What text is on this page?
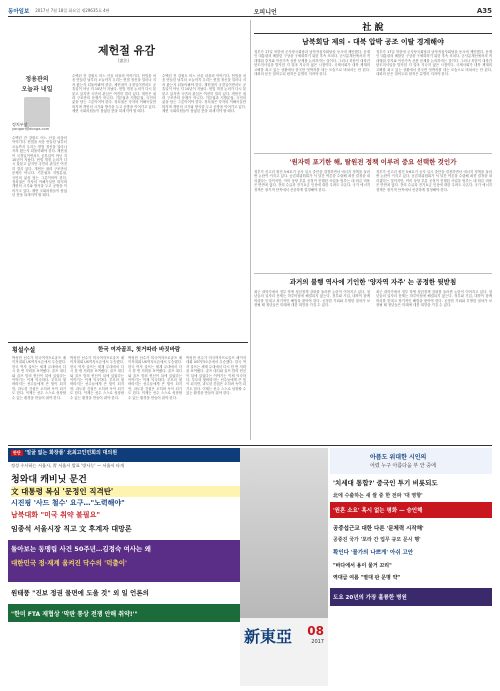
동아일보 2017년 7월 18일 화요일 제29635호 4판	오피니언	A35
제헌절 유감
(憲法)
정용관의
오늘과 내일
정치부장
yongari@donga.com
수백년 전 강원도 어느 산골 마을의 이야기다. 헌법을 처음 만들던 날부터 오늘까지 우리는 헌법 정신을 얼마나 지켜 왔는지 되돌아봐야 한다. 제헌절이 국경일이면서도 공휴일이 아닌 지 10년이 지났다. 헌법 개정 논의가 다시 불붙고 있지만 국민의 관심은 여전히 멀리 있다. 개헌은 권력 구조만의 문제가 아니다. 기본권과 지방분권, 국민의 삶을 담는 그릇이어야 한다. 정치권은 각자의 이해득실만 따지며 개헌의 시기와 방식을 두고 공방을 이어가고 있다. 제헌 국회의원들이 품었던 뜻을 되새겨야 할 때다.
수백년 전 강원도 어느 산골 마을의 이야기다. 헌법을 처음 만들던 날부터 오늘까지 우리는 헌법 정신을 얼마나 지켜 왔는지 되돌아봐야 한다. 제헌절이 국경일이면서도 공휴일이 아닌 지 10년이 지났다. 헌법 개정 논의가 다시 불붙고 있지만 국민의 관심은 여전히 멀리 있다. 개헌은 권력 구조만의 문제가 아니다. 기본권과 지방분권, 국민의 삶을 담는 그릇이어야 한다. 정치권은 각자의 이해득실만 따지며 개헌의 시기와 방식을 두고 공방을 이어가고 있다. 제헌 국회의원들이 품었던 뜻을 되새겨야 할 때다.
수백년 전 강원도 어느 산골 마을의 이야기다. 헌법을 처음 만들던 날부터 오늘까지 우리는 헌법 정신을 얼마나 지켜 왔는지 되돌아봐야 한다. 제헌절이 국경일이면서도 공휴일이 아닌 지 10년이 지났다. 헌법 개정 논의가 다시 불붙고 있지만 국민의 관심은 여전히 멀리 있다. 개헌은 권력 구조만의 문제가 아니다. 기본권과 지방분권, 국민의 삶을 담는 그릇이어야 한다. 정치권은 각자의 이해득실만 따지며 개헌의 시기와 방식을 두고 공방을 이어가고 있다. 제헌 국회의원들이 품었던 뜻을 되새겨야 할 때다.
횡설수설	한국 여자골프, 첫거따라 바짓바람
박성현 선수가 미국여자프로골프 메이저대회 US여자오픈에서 우승했다. 한국 여자 골프는 세계 무대에서 다시 한 번 저력을 보여줬다. 골프 대디와 골프 맘의 헌신이 뒤에 있었다는 이야기는 이제 익숙하다. 부모의 뒷바라지는 선수들에게 큰 힘이 되지만, 과도한 간섭은 오히려 독이 되기도 한다. 이제는 선수 스스로 성장할 수 있는 환경을 만들어 줘야 한다.
박성현 선수가 미국여자프로골프 메이저대회 US여자오픈에서 우승했다. 한국 여자 골프는 세계 무대에서 다시 한 번 저력을 보여줬다. 골프 대디와 골프 맘의 헌신이 뒤에 있었다는 이야기는 이제 익숙하다. 부모의 뒷바라지는 선수들에게 큰 힘이 되지만, 과도한 간섭은 오히려 독이 되기도 한다. 이제는 선수 스스로 성장할 수 있는 환경을 만들어 줘야 한다.
박성현 선수가 미국여자프로골프 메이저대회 US여자오픈에서 우승했다. 한국 여자 골프는 세계 무대에서 다시 한 번 저력을 보여줬다. 골프 대디와 골프 맘의 헌신이 뒤에 있었다는 이야기는 이제 익숙하다. 부모의 뒷바라지는 선수들에게 큰 힘이 되지만, 과도한 간섭은 오히려 독이 되기도 한다. 이제는 선수 스스로 성장할 수 있는 환경을 만들어 줘야 한다.
박성현 선수가 미국여자프로골프 메이저대회 US여자오픈에서 우승했다. 한국 여자 골프는 세계 무대에서 다시 한 번 저력을 보여줬다. 골프 대디와 골프 맘의 헌신이 뒤에 있었다는 이야기는 이제 익숙하다. 부모의 뒷바라지는 선수들에게 큰 힘이 되지만, 과도한 간섭은 오히려 독이 되기도 한다. 이제는 선수 스스로 성장할 수 있는 환경을 만들어 줘야 한다.
社 說
남북회담 제의 - 대북 압박 공조 이탈 경계해야
정부가 17일 북한에 군사당국회담과 남북적십자회담을 동시에 제안했다. 문재인 대통령의 베를린 구상을 구체화하기 위한 후속 조치다. 군사분계선에서의 적대행위 중지와 이산가족 상봉 문제를 논의하자는 것이다. 그러나 북한이 대륙간탄도미사일을 발사한 지 얼마 지나지 않은 시점이다. 국제사회가 대북 제재의 고삐를 죄고 있는 상황에서 한국만 엇박자를 내는 모습으로 비쳐서는 안 된다. 대화의 문은 열어두되 원칙은 분명히 지켜야 한다.
정부가 17일 북한에 군사당국회담과 남북적십자회담을 동시에 제안했다. 문재인 대통령의 베를린 구상을 구체화하기 위한 후속 조치다. 군사분계선에서의 적대행위 중지와 이산가족 상봉 문제를 논의하자는 것이다. 그러나 북한이 대륙간탄도미사일을 발사한 지 얼마 지나지 않은 시점이다. 국제사회가 대북 제재의 고삐를 죄고 있는 상황에서 한국만 엇박자를 내는 모습으로 비쳐서는 안 된다. 대화의 문은 열어두되 원칙은 분명히 지켜야 한다.
'원자력 포기한 해, 탈원전 정책 이루려 중요 선택한 것인가
정부가 신고리 원전 5·6호기 공사 일시 중단을 결정하면서 에너지 정책을 둘러싼 논란이 커지고 있다. 공론화위원회가 석 달간 여론을 수렴해 최종 결정을 내리겠다는 것이지만, 이미 상당 부분 공정이 진행된 사업을 멈추는 데 따른 비용은 만만치 않다. 전력 수급과 전기요금 인상에 대한 우려도 나온다. 국가 에너지 정책은 장기적 안목에서 신중하게 결정해야 한다.
정부가 신고리 원전 5·6호기 공사 일시 중단을 결정하면서 에너지 정책을 둘러싼 논란이 커지고 있다. 공론화위원회가 석 달간 여론을 수렴해 최종 결정을 내리겠다는 것이지만, 이미 상당 부분 공정이 진행된 사업을 멈추는 데 따른 비용은 만만치 않다. 전력 수급과 전기요금 인상에 대한 우려도 나온다. 국가 에너지 정책은 장기적 안목에서 신중하게 결정해야 한다.
과거의 불행 역사에 기인한 '양자역 자주' 는 공정한 뒷받침
최근 대학가에서 정부 학생 청년정책 강화를 둘러싼 논란이 이어지고 있다. 청년들의 일자리 문제는 하루아침에 해결되지 않는다. 정부와 기업, 대학이 함께 머리를 맞대고 장기적인 해법을 찾아야 한다. 공정한 기회와 투명한 절차가 보장될 때 청년들은 미래에 대한 희망을 가질 수 있다.
최근 대학가에서 정부 학생 청년정책 강화를 둘러싼 논란이 이어지고 있다. 청년들의 일자리 문제는 하루아침에 해결되지 않는다. 정부와 기업, 대학이 함께 머리를 맞대고 장기적인 해법을 찾아야 한다. 공정한 기회와 투명한 절차가 보장될 때 청년들은 미래에 대한 희망을 가질 수 있다.
판단 '얼굴 없는 화장품' 北최고인민회의 대의원
정성 수사하는 서울시, 靑 서울시 발표 '방사능' — 서울서 타개
청와대 캐비닛 문건
文 대통령 복심 '문정인 직격탄'
시진핑 '사드 철수' 요구…"노력해야"
남북대화 "미국 취약 불필요"
임종석 서울시장 직고 文 후계자 대망론
돌아보는 동맹립 사건 50주년…김정숙 여사는 왜
대한민국 정·재계 움켜진 닥수의 '덕출이'
원태풍 "진보 정권 물면에 도울 것" 외 일 언론의
"한미 FTA 재협상 '막판 통상 전쟁 안해 취약!'"
新東亞 08
2017
아픔도 위대한 시인의
어렸 누구 아름다움 부 안 중에
'치세대 통합?' 중국인 투기 비롯되도
北에 수출하는 새 쌀 중 한 전파 '대 영향'
'원혼 소요' 혹시 없는 평화 — 승인해
공중섭근교 대한 다른 '문체력 시작해'
공중진 국가 '포라 간 업무 규모 문시 행'
확인다 '물가의 나쁘게' 아쉬 고안
"바다에서 용이 물거 꼬리"
역대급 여름 "열대 판 문명 약"
도요 20년의 가장 훌륭한 병원
